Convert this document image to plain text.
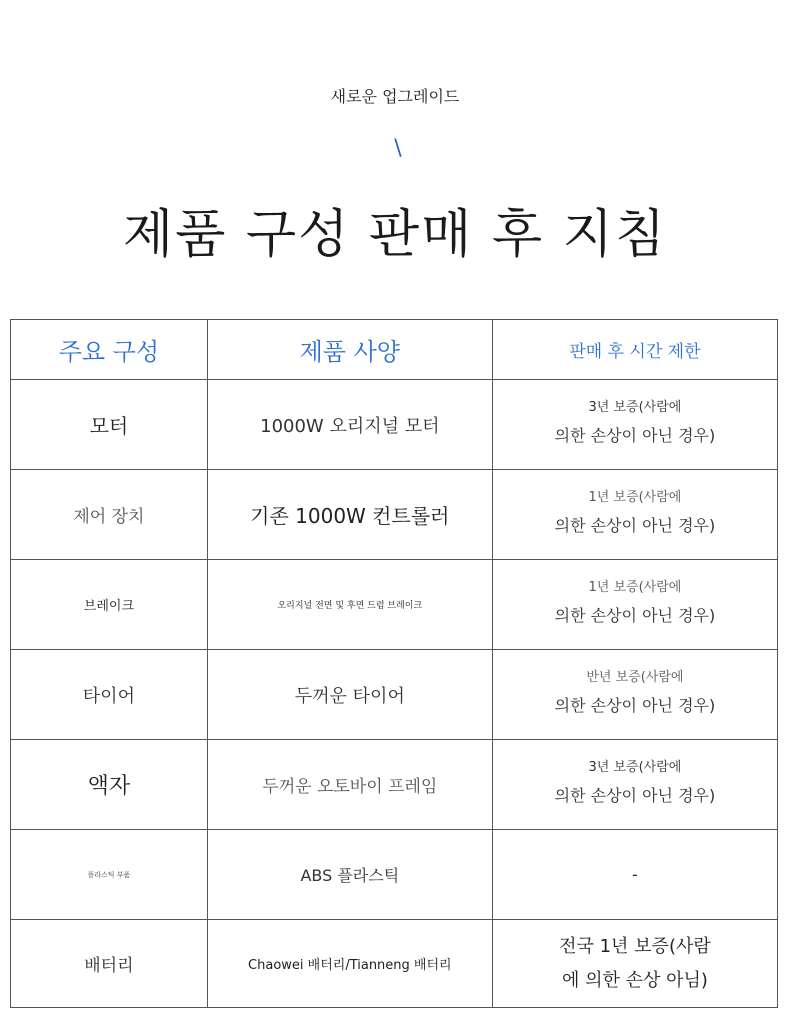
새로운 업그레이드
\
제품 구성 판매 후 지침
주요 구성	제품 사양	판매 후 시간 제한
모터	1000W 오리지널 모터	3년 보증(사람에
의한 손상이 아닌 경우)

제어 장치	기존 1000W 컨트롤러	1년 보증(사람에
의한 손상이 아닌 경우)

브레이크	오리지널 전면 및 후면 드럼 브레이크	1년 보증(사람에
의한 손상이 아닌 경우)

타이어	두꺼운 타이어	반년 보증(사람에
의한 손상이 아닌 경우)

액자	두꺼운 오토바이 프레임	3년 보증(사람에
의한 손상이 아닌 경우)

플라스틱 부품	ABS 플라스틱	-
배터리	Chaowei 배터리/Tianneng 배터리	전국 1년 보증(사람
에 의한 손상 아님)
